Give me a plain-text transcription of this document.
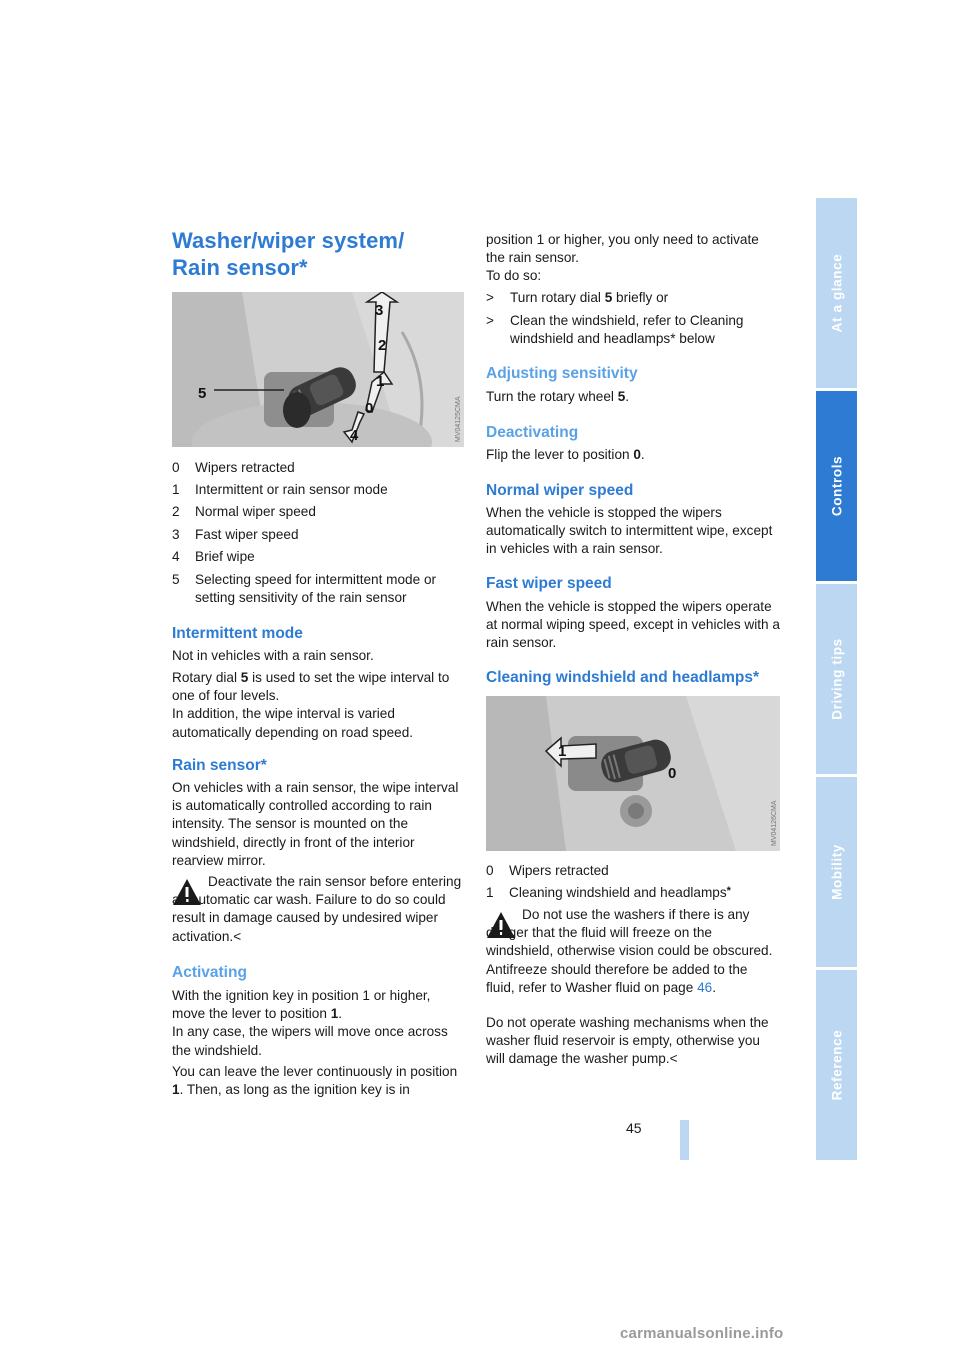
Washer/wiper system/
Rain sensor*
3
2
1
0
4
5
MV04125CMA
0 Wipers retracted
1 Intermittent or rain sensor mode
2 Normal wiper speed
3 Fast wiper speed
4 Brief wipe
5 Selecting speed for intermittent mode or setting sensitivity of the rain sensor
Intermittent mode

Not in vehicles with a rain sensor.

Rotary dial 5 is used to set the wipe interval to one of four levels.
In addition, the wipe interval is varied automatically depending on road speed.

Rain sensor*

On vehicles with a rain sensor, the wipe interval is automatically controlled according to rain intensity. The sensor is mounted on the windshield, directly in front of the interior rearview mirror.

Deactivate the rain sensor before entering an automatic car wash. Failure to do so could result in damage caused by undesired wiper activation.<

Activating

With the ignition key in position 1 or higher, move the lever to position 1.
In any case, the wipers will move once across the windshield.

You can leave the lever continuously in position 1. Then, as long as the ignition key is in

> Turn rotary dial 5 briefly or
> Clean the windshield, refer to Cleaning windshield and headlamps* below
Adjusting sensitivity

Turn the rotary wheel 5.

Deactivating

Flip the lever to position 0.

Normal wiper speed

When the vehicle is stopped the wipers automatically switch to intermittent wipe, except in vehicles with a rain sensor.

Fast wiper speed

When the vehicle is stopped the wipers operate at normal wiping speed, except in vehicles with a rain sensor.

Cleaning windshield and headlamps*
1
0
MV04126CMA
0 Wipers retracted
1 Cleaning windshield and headlamps*

Do not use the washers if there is any danger that the fluid will freeze on the windshield, otherwise vision could be obscured. Antifreeze should therefore be added to the fluid, refer to Washer fluid on page 46.

Do not operate washing mechanisms when the washer fluid reservoir is empty, otherwise you will damage the washer pump.<

position 1 or higher, you only need to activate the rain sensor.
To do so:	At a glance
Controls
Driving tips
Mobility
Reference
45
carmanualsonline.info
